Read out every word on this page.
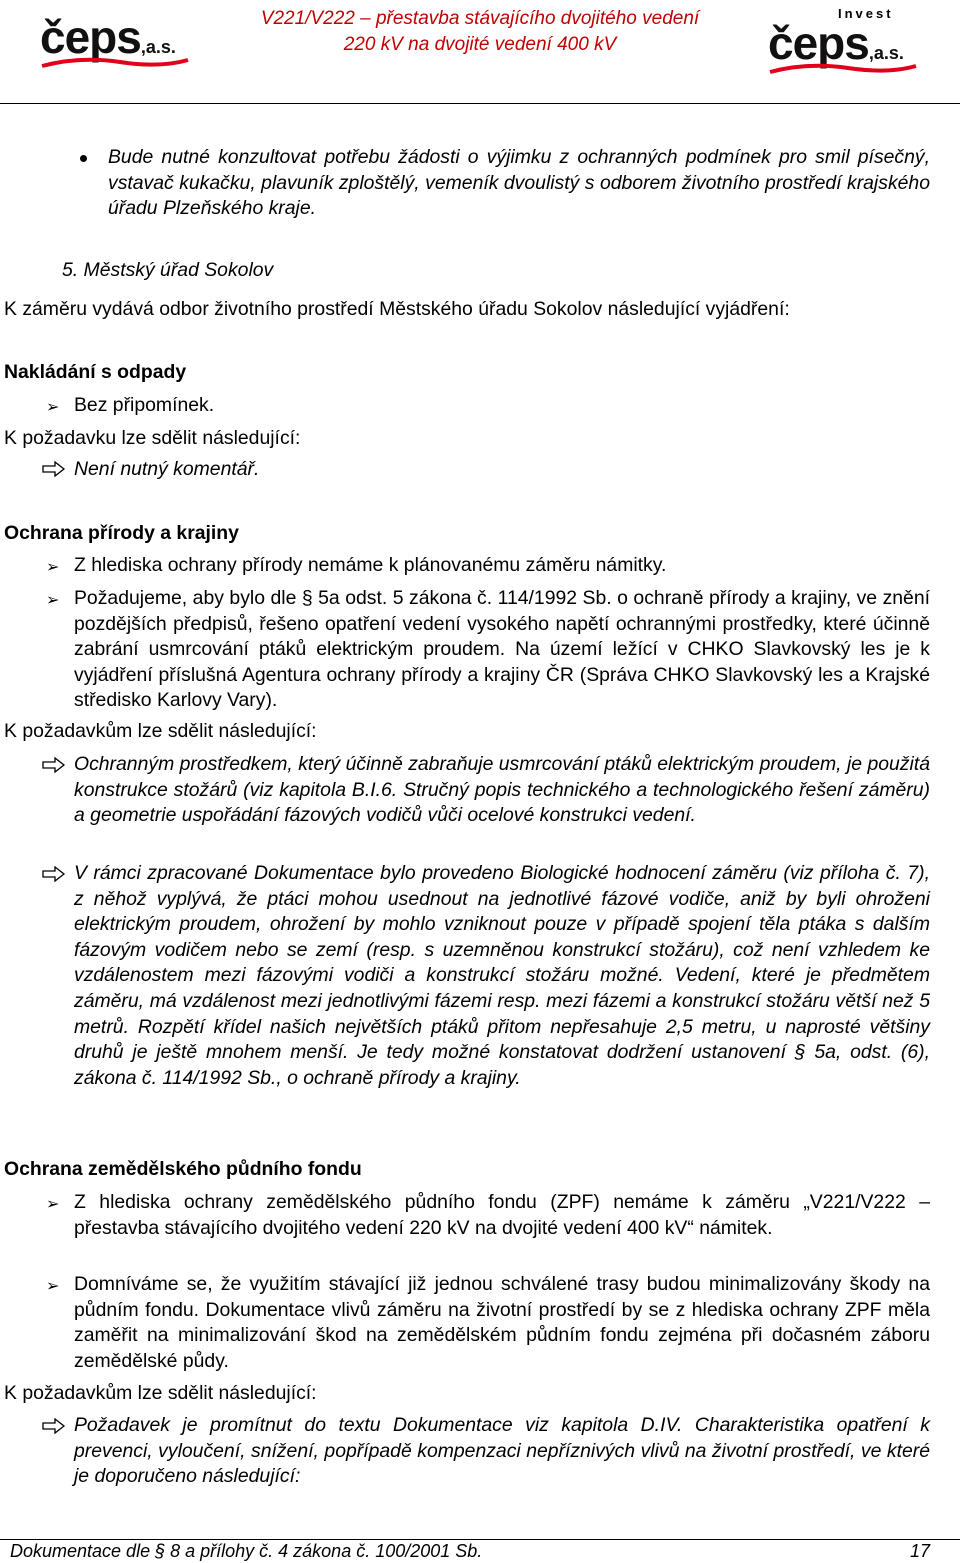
čeps,a.s.
V221/V222 – přestavba stávajícího dvojitého vedení
220 kV na dvojité vedení 400 kV
Invest
čeps,a.s.

Bude nutné konzultovat potřebu žádosti o výjimku z ochranných podmínek pro smil písečný, vstavač kukačku, plavuník zploštělý, vemeník dvoulistý s odborem životního prostředí krajského úřadu Plzeňského kraje.

5. Městský úřad Sokolov

K záměru vydává odbor životního prostředí Městského úřadu Sokolov následující vyjádření:

Nakládání s odpady

➢ Bez připomínek.

K požadavku lze sdělit následující:

Není nutný komentář.

Ochrana přírody a krajiny

➢ Z hlediska ochrany přírody nemáme k plánovanému záměru námitky.

➢ Požadujeme, aby bylo dle § 5a odst. 5 zákona č. 114/1992 Sb. o ochraně přírody a krajiny, ve znění pozdějších předpisů, řešeno opatření vedení vysokého napětí ochrannými prostředky, které účinně zabrání usmrcování ptáků elektrickým proudem. Na území ležící v CHKO Slavkovský les je k vyjádření příslušná Agentura ochrany přírody a krajiny ČR (Správa CHKO Slavkovský les a Krajské středisko Karlovy Vary).

K požadavkům lze sdělit následující:

Ochranným prostředkem, který účinně zabraňuje usmrcování ptáků elektrickým proudem, je použitá konstrukce stožárů (viz kapitola B.I.6. Stručný popis technického a technologického řešení záměru) a geometrie uspořádání fázových vodičů vůči ocelové konstrukci vedení.

V rámci zpracované Dokumentace bylo provedeno Biologické hodnocení záměru (viz příloha č. 7), z něhož vyplývá, že ptáci mohou usednout na jednotlivé fázové vodiče, aniž by byli ohroženi elektrickým proudem, ohrožení by mohlo vzniknout pouze v případě spojení těla ptáka s dalším fázovým vodičem nebo se zemí (resp. s uzemněnou konstrukcí stožáru), což není vzhledem ke vzdálenostem mezi fázovými vodiči a konstrukcí stožáru možné. Vedení, které je předmětem záměru, má vzdálenost mezi jednotlivými fázemi resp. mezi fázemi a konstrukcí stožáru větší než 5 metrů. Rozpětí křídel našich největších ptáků přitom nepřesahuje 2,5 metru, u naprosté většiny druhů je ještě mnohem menší. Je tedy možné konstatovat dodržení ustanovení § 5a, odst. (6), zákona č. 114/1992 Sb., o ochraně přírody a krajiny.

Ochrana zemědělského půdního fondu

➢ Z hlediska ochrany zemědělského půdního fondu (ZPF) nemáme k záměru „V221/V222 – přestavba stávajícího dvojitého vedení 220 kV na dvojité vedení 400 kV“ námitek.

➢ Domníváme se, že využitím stávající již jednou schválené trasy budou minimalizovány škody na půdním fondu. Dokumentace vlivů záměru na životní prostředí by se z hlediska ochrany ZPF měla zaměřit na minimalizování škod na zemědělském půdním fondu zejména při dočasném záboru zemědělské půdy.

K požadavkům lze sdělit následující:

Požadavek je promítnut do textu Dokumentace viz kapitola D.IV. Charakteristika opatření k prevenci, vyloučení, snížení, popřípadě kompenzaci nepříznivých vlivů na životní prostředí, ve které je doporučeno následující:

Dokumentace dle § 8 a přílohy č. 4 zákona č. 100/2001 Sb.	17
